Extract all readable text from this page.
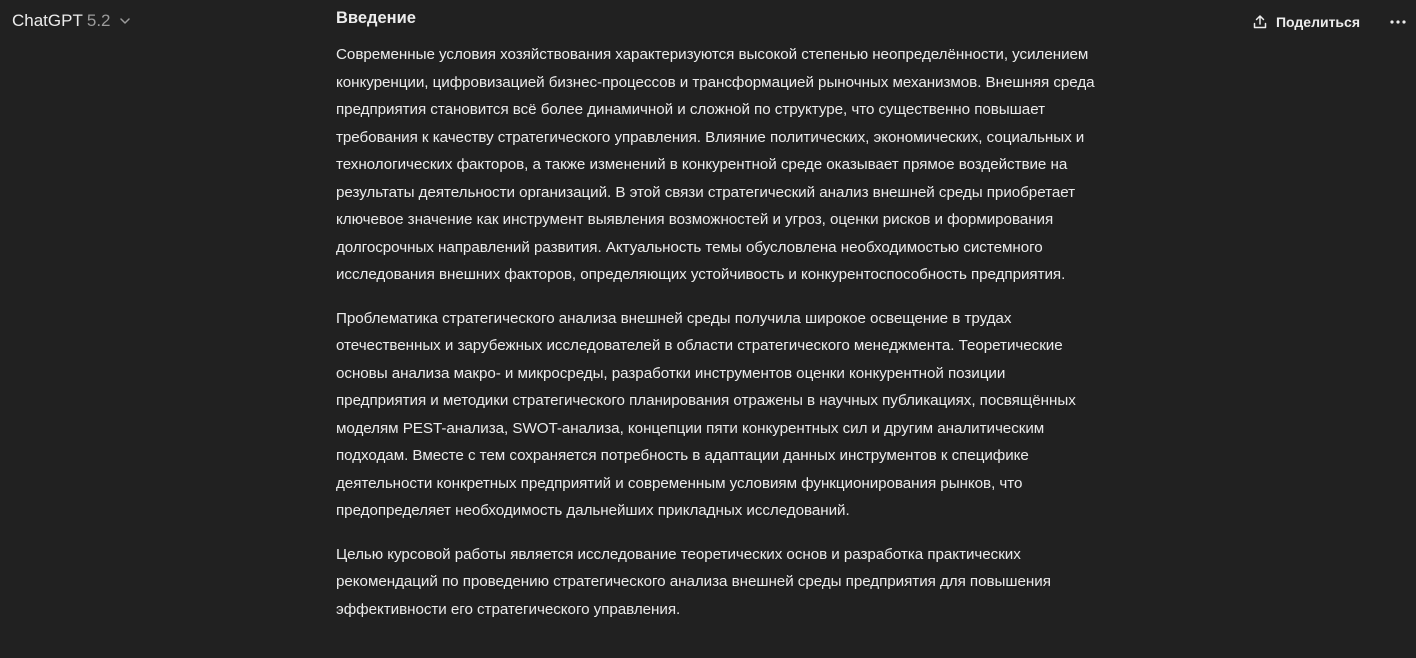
ChatGPT 5.2	Поделиться
Введение

Современные условия хозяйствования характеризуются высокой степенью неопределённости, усилением конкуренции, цифровизацией бизнес-процессов и трансформацией рыночных механизмов. Внешняя среда предприятия становится всё более динамичной и сложной по структуре, что существенно повышает требования к качеству стратегического управления. Влияние политических, экономических, социальных и технологических факторов, а также изменений в конкурентной среде оказывает прямое воздействие на результаты деятельности организаций. В этой связи стратегический анализ внешней среды приобретает ключевое значение как инструмент выявления возможностей и угроз, оценки рисков и формирования долгосрочных направлений развития. Актуальность темы обусловлена необходимостью системного исследования внешних факторов, определяющих устойчивость и конкурентоспособность предприятия.

Проблематика стратегического анализа внешней среды получила широкое освещение в трудах отечественных и зарубежных исследователей в области стратегического менеджмента. Теоретические основы анализа макро- и микросреды, разработки инструментов оценки конкурентной позиции предприятия и методики стратегического планирования отражены в научных публикациях, посвящённых моделям PEST-анализа, SWOT-анализа, концепции пяти конкурентных сил и другим аналитическим подходам. Вместе с тем сохраняется потребность в адаптации данных инструментов к специфике деятельности конкретных предприятий и современным условиям функционирования рынков, что предопределяет необходимость дальнейших прикладных исследований.

Целью курсовой работы является исследование теоретических основ и разработка практических рекомендаций по проведению стратегического анализа внешней среды предприятия для повышения эффективности его стратегического управления.
